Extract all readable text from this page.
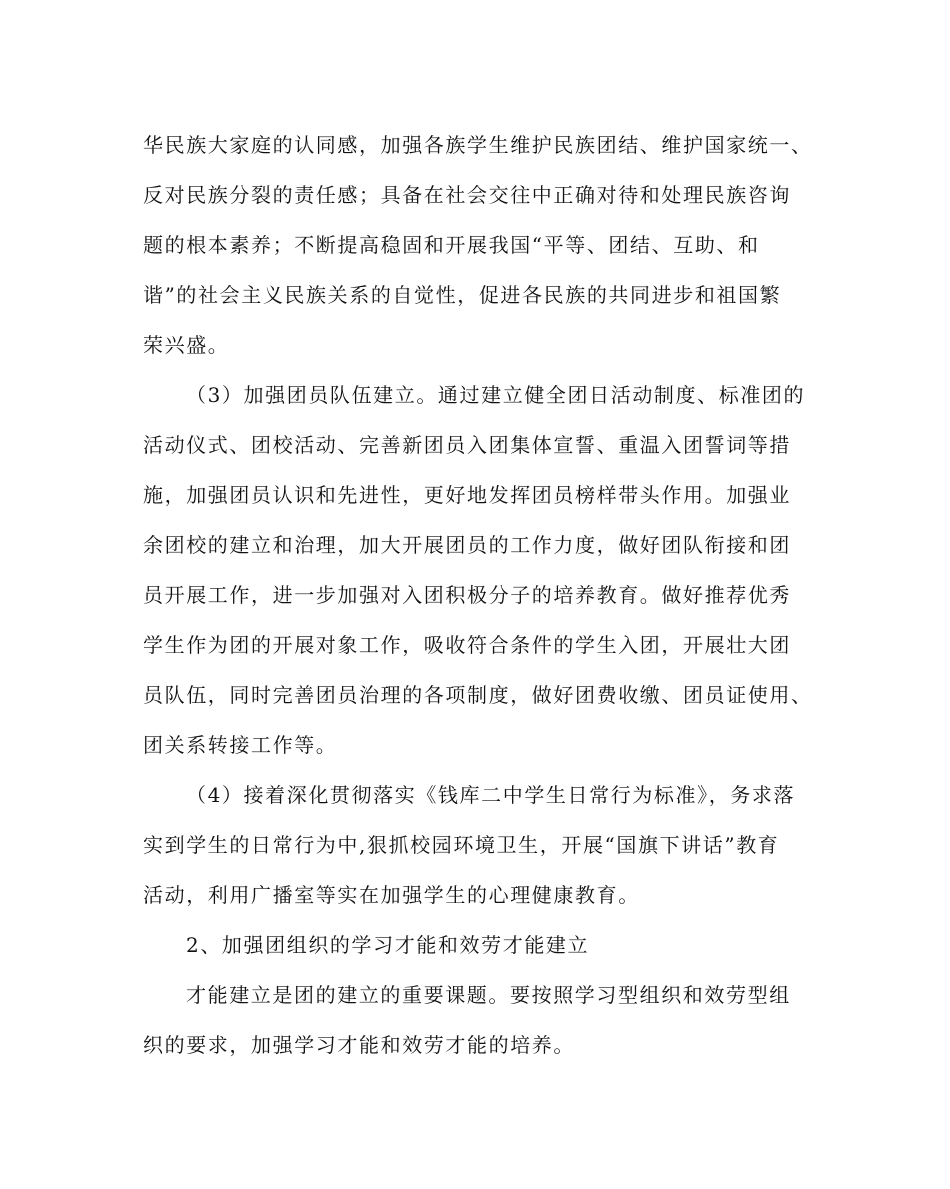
华民族大家庭的认同感，加强各族学生维护民族团结、维护国家统一、
反对民族分裂的责任感；具备在社会交往中正确对待和处理民族咨询
题的根本素养；不断提高稳固和开展我国“平等、团结、互助、和
谐”的社会主义民族关系的自觉性，促进各民族的共同进步和祖国繁
荣兴盛。
（3）加强团员队伍建立。通过建立健全团日活动制度、标准团的
活动仪式、团校活动、完善新团员入团集体宣誓、重温入团誓词等措
施，加强团员认识和先进性，更好地发挥团员榜样带头作用。加强业
余团校的建立和治理，加大开展团员的工作力度，做好团队衔接和团
员开展工作，进一步加强对入团积极分子的培养教育。做好推荐优秀
学生作为团的开展对象工作，吸收符合条件的学生入团，开展壮大团
员队伍，同时完善团员治理的各项制度，做好团费收缴、团员证使用、
团关系转接工作等。
（4）接着深化贯彻落实《钱库二中学生日常行为标准》，务求落
实到学生的日常行为中,狠抓校园环境卫生，开展“国旗下讲话”教育
活动，利用广播室等实在加强学生的心理健康教育。
2、加强团组织的学习才能和效劳才能建立
才能建立是团的建立的重要课题。要按照学习型组织和效劳型组
织的要求，加强学习才能和效劳才能的培养。
